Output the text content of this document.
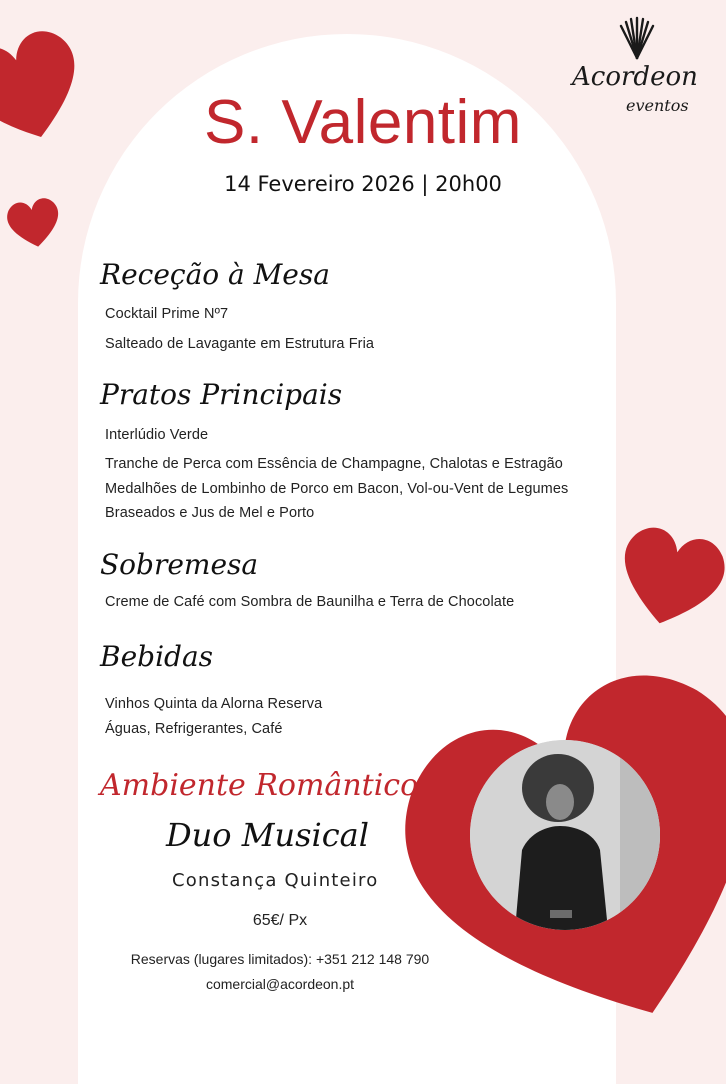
Acordeon
eventos
S. Valentim
14 Fevereiro 2026 | 20h00
Receção à Mesa
Cocktail Prime Nº7
Salteado de Lavagante em Estrutura Fria
Pratos Principais
Interlúdio Verde
Tranche de Perca com Essência de Champagne, Chalotas e Estragão
Medalhões de Lombinho de Porco em Bacon, Vol-ou-Vent de Legumes
Braseados e Jus de Mel e Porto
Sobremesa
Creme de Café com Sombra de Baunilha e Terra de Chocolate
Bebidas
Vinhos Quinta da Alorna Reserva
Águas, Refrigerantes, Café
Ambiente Romântico
Duo Musical
Constança Quinteiro
65€/ Px
Reservas (lugares limitados): +351 212 148 790
comercial@acordeon.pt
